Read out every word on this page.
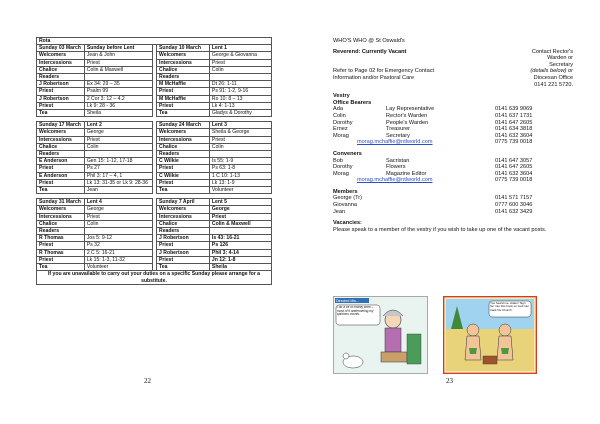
Rota				
Sunday 03 March	Sunday before Lent		Sunday 10 March	Lent 1
Welcomers	Jean & John		Welcomers	George & Giovanna
Intercessions	Priest		Intercessions	Priest
Chalice	Colin & Maxwell		Chalice	Colin
Readers			Readers	
J Robertson	Ex 34: 29 – 35		M McHaffie	Dt 26: 1-11
Priest	Psalm 99		Priest	Ps 91: 1-2, 9-16
J Robertson	2 Cor 3: 12 – 4.2		M McHaffie	Ro 10: 8 – 13
Priest	Lk 9: 28 - 36		Priest	Lk 4: 1-13
Tea	Sheila		Tea	Gladys & Dorothy

Sunday 17 March	Lent 2		Sunday 24 March	Lent 3
Welcomers	George		Welcomers	Sheila & George
Intercessions	Priest		Intercessions	Priest
Chalice	Colin		Chalice	Colin
Readers			Readers	
E Anderson	Gen 15: 1-12, 17-18		C Wilkie	Is 55: 1-9
Priest	Ps 27		Priest	Ps 63: 1-8
E Anderson	Phil 3: 17 – 4, 1		C Wilkie	1 C 10: 1-13
Priest	Lk 13: 31-35 or Lk 9: 28-36		Priest	Lk 13: 1-9
Tea	Jean		Tea	Volunteer

Sunday 31 March	Lent 4		Sunday 7 April	Lent 5
Welcomers	George		Welcomers	George
Intercessions	Priest		Intercessions	Priest
Chalice	Colin		Chalice	Colin & Maxwell
Readers			Readers	
R Thomas	Jos 5: 9-12		J Robertson	Is 43: 16-21
Priest	Ps 32		Priest	Ps 126
R Thomas	2 C 5: 16-21		J Robertson	Phil 3: 4-14
Priest	Lk 15: 1-3, 11-32		Priest	Jn 12: 1-8
Tea	Volunteer		Tea	Sheila
If you are unavailable to carry out your duties on a specific Sunday please arrange for a substitute.				
22
WHO'S WHO @ St Oswald's
Reverend: Currently Vacant	Contact Rector's
Warden or
Secretary
Refer to Page 02 for Emergency Contact	(details below) or
Information and/or Pastoral Care	Diocesan Office
0141 221 5720.
Vestry
Office Bearers
Ada	Lay Representative	0141 639 9069
Colin	Rector's Warden	0141 637 1731
Dorothy	People's Warden	0141 647 2605
Ernez	Treasurer	0141 634 3818
Morag	Secretary	0141 632 3604
morag.mchaffie@ntlworld.com	0775 739 0018
Conveners
Bob	Sacristan	0141 647 3057
Dorothy	Flowers	0141 647 2605
Morag	Magazine Editor	0141 632 3604
morag.mchaffie@ntlworld.com	0775 739 0018
Members
George (Tr)	0141 571 7157
Giovanna	0777 600 3046
Jean	0141 632 3429
Vacancies:
Please speak to a member of the vestry if you wish to take up one of the vacant posts.
Directed Mis...
I do a lot of charity work – most of it undermining my opinions counts.
You heard me, Adam! Sign her into this book so God can track his Church.
23
